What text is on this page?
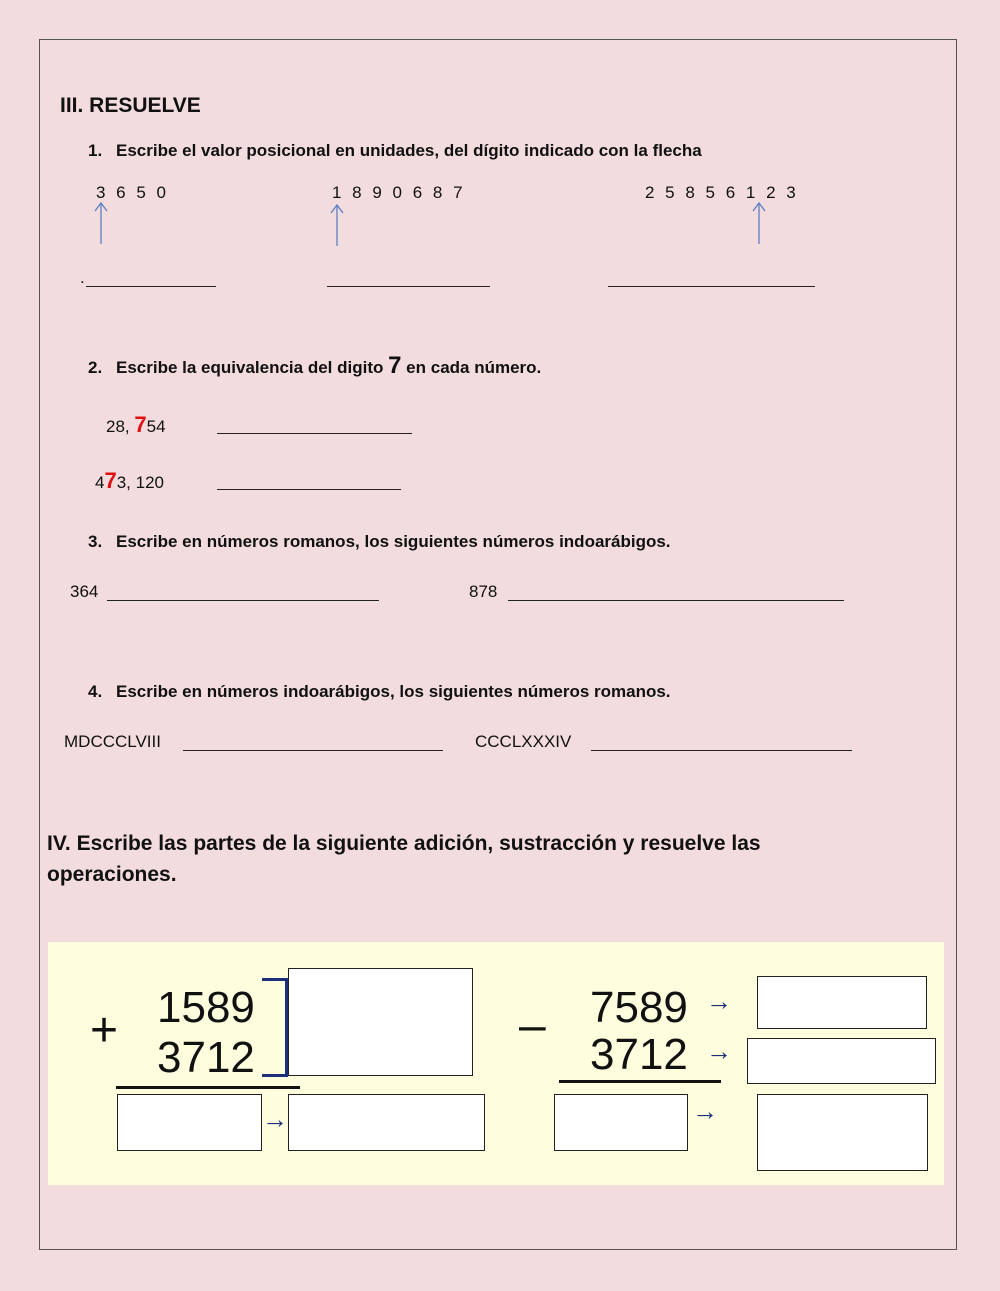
III. RESUELVE
1. Escribe el valor posicional en unidades, del dígito indicado con la flecha
3 6 5 0	1 8 9 0 6 8 7	2 5 8 5 6 1 2 3
.
2. Escribe la equivalencia del digito 7 en cada número.
28, 754
473, 120
3. Escribe en números romanos, los siguientes números indoarábigos.
364	878
4. Escribe en números indoarábigos, los siguientes números romanos.
MDCCCLVIII	CCCLXXXIV
IV. Escribe las partes de la siguiente adición, sustracción y resuelve las operaciones.
+ 1589
3712
→
– 7589 →
3712 →
→
